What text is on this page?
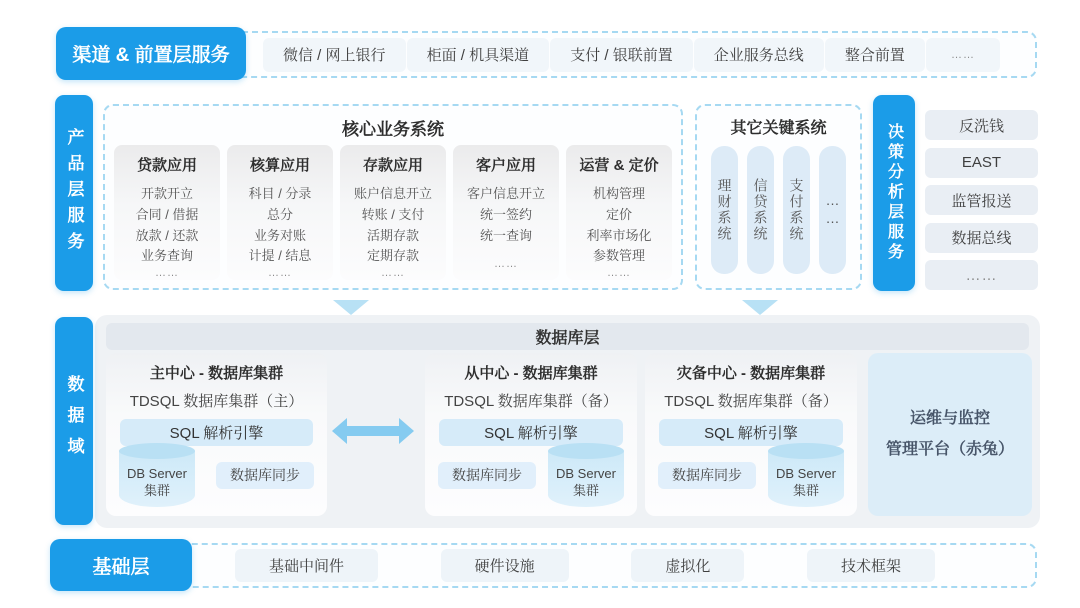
渠道 & 前置层服务	微信 / 网上银行	柜面 / 机具渠道	支付 / 银联前置	企业服务总线	整合前置	……
产品层服务	核心业务系统
贷款应用
开款开立
合同 / 借据
放款 / 还款
业务查询
……
核算应用
科目 / 分录
总分
业务对账
计提 / 结息
……
存款应用
账户信息开立
转账 / 支付
活期存款
定期存款
……
客户应用
客户信息开立
统一签约
统一查询
……
运营 & 定价
机构管理
定价
利率市场化
参数管理
……
其它关键系统
理财系统	信贷系统	支付系统	……	决策分析层服务	反洗钱
EAST
监管报送
数据总线
……
数据域
数据库层
主中心 - 数据库集群
TDSQL 数据库集群（主）
SQL 解析引擎
DB Server
集群
数据库同步
从中心 - 数据库集群
TDSQL 数据库集群（备）
SQL 解析引擎
数据库同步	DB Server
集群
灾备中心 - 数据库集群
TDSQL 数据库集群（备）
SQL 解析引擎
数据库同步	DB Server
集群
运维与监控
管理平台（赤兔）
基础层	基础中间件	硬件设施	虚拟化	技术框架
